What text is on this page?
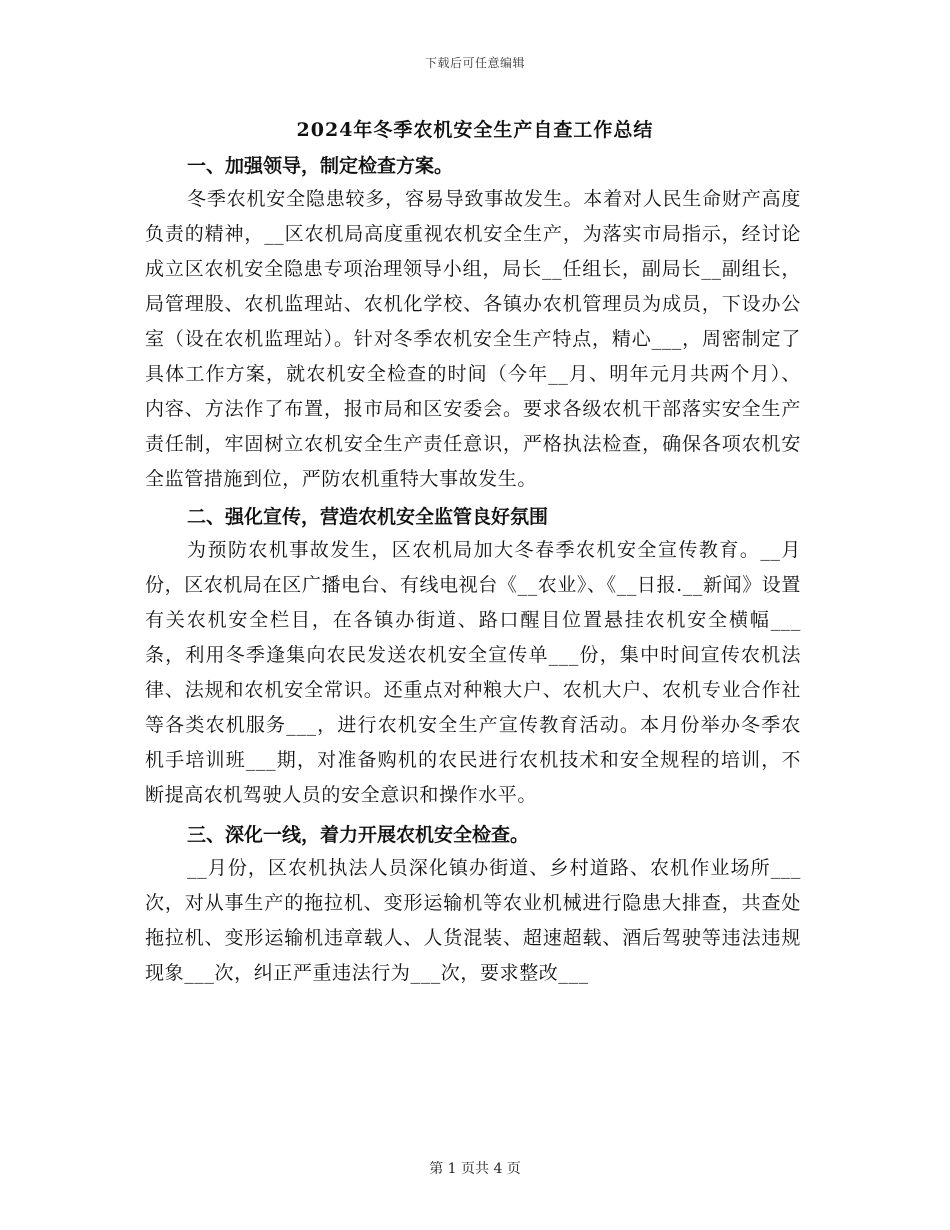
下载后可任意编辑
2024年冬季农机安全生产自查工作总结
一、加强领导，制定检查方案。
冬季农机安全隐患较多，容易导致事故发生。本着对人民生命财产高度负责的精神，__区农机局高度重视农机安全生产，为落实市局指示，经讨论成立区农机安全隐患专项治理领导小组，局长__任组长，副局长__副组长，局管理股、农机监理站、农机化学校、各镇办农机管理员为成员，下设办公室（设在农机监理站）。针对冬季农机安全生产特点，精心___，周密制定了具体工作方案，就农机安全检查的时间（今年__月、明年元月共两个月）、内容、方法作了布置，报市局和区安委会。要求各级农机干部落实安全生产责任制，牢固树立农机安全生产责任意识，严格执法检查，确保各项农机安全监管措施到位，严防农机重特大事故发生。
二、强化宣传，营造农机安全监管良好氛围
为预防农机事故发生，区农机局加大冬春季农机安全宣传教育。__月份，区农机局在区广播电台、有线电视台《__农业》、《__日报.__新闻》设置有关农机安全栏目，在各镇办街道、路口醒目位置悬挂农机安全横幅___条，利用冬季逢集向农民发送农机安全宣传单___份，集中时间宣传农机法律、法规和农机安全常识。还重点对种粮大户、农机大户、农机专业合作社等各类农机服务___，进行农机安全生产宣传教育活动。本月份举办冬季农机手培训班___期，对准备购机的农民进行农机技术和安全规程的培训，不断提高农机驾驶人员的安全意识和操作水平。
三、深化一线，着力开展农机安全检查。
__月份，区农机执法人员深化镇办街道、乡村道路、农机作业场所___次，对从事生产的拖拉机、变形运输机等农业机械进行隐患大排查，共查处拖拉机、变形运输机违章载人、人货混装、超速超载、酒后驾驶等违法违规现象___次，纠正严重违法行为___次，要求整改___
第 1 页共 4 页
